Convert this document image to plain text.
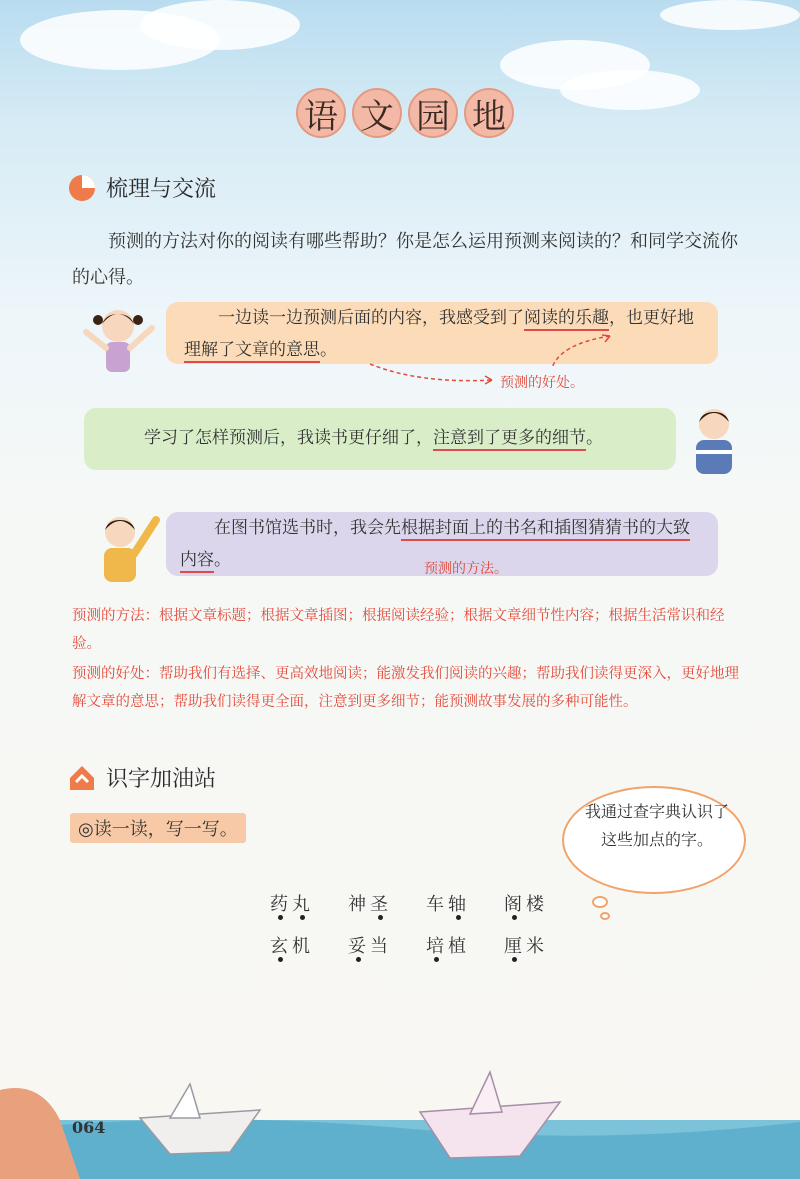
语 文 园 地
梳理与交流
预测的方法对你的阅读有哪些帮助？你是怎么运用预测来阅读的？和同学交流你的心得。
一边读一边预测后面的内容，我感受到了阅读的乐趣，也更好地理解了文章的意思。
预测的好处。
学习了怎样预测后，我读书更仔细了，注意到了更多的细节。
在图书馆选书时，我会先根据封面上的书名和插图猜猜书的大致内容。	预测的方法。
预测的方法：根据文章标题；根据文章插图；根据阅读经验；根据文章细节性内容；根据生活常识和经验。
预测的好处：帮助我们有选择、更高效地阅读；能激发我们阅读的兴趣；帮助我们读得更深入，更好地理解文章的意思；帮助我们读得更全面，注意到更多细节；能预测故事发展的多种可能性。
识字加油站
◎读一读，写一写。
我通过查字典认识了这些加点的字。
药丸 神圣 车轴 阁楼
玄机 妥当 培植 厘米
064
